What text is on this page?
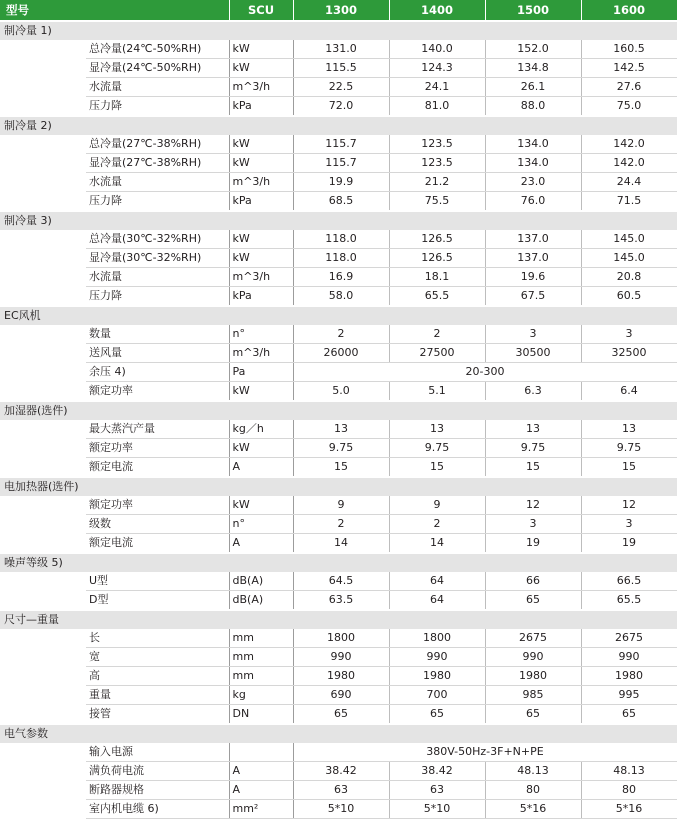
型号		SCU	1300	1400	1500	1600
制冷量 1)						
	总冷量(24℃-50%RH)	kW	131.0	140.0	152.0	160.5
	显冷量(24℃-50%RH)	kW	115.5	124.3	134.8	142.5
	水流量	m^3/h	22.5	24.1	26.1	27.6
	压力降	kPa	72.0	81.0	88.0	75.0
制冷量 2)						
	总冷量(27℃-38%RH)	kW	115.7	123.5	134.0	142.0
	显冷量(27℃-38%RH)	kW	115.7	123.5	134.0	142.0
	水流量	m^3/h	19.9	21.2	23.0	24.4
	压力降	kPa	68.5	75.5	76.0	71.5
制冷量 3)						
	总冷量(30℃-32%RH)	kW	118.0	126.5	137.0	145.0
	显冷量(30℃-32%RH)	kW	118.0	126.5	137.0	145.0
	水流量	m^3/h	16.9	18.1	19.6	20.8
	压力降	kPa	58.0	65.5	67.5	60.5
EC风机						
	数量	n°	2	2	3	3
	送风量	m^3/h	26000	27500	30500	32500
	余压 4)	Pa	20-300			
	额定功率	kW	5.0	5.1	6.3	6.4
加湿器(选件)						
	最大蒸汽产量	kg／h	13	13	13	13
	额定功率	kW	9.75	9.75	9.75	9.75
	额定电流	A	15	15	15	15
电加热器(选件)						
	额定功率	kW	9	9	12	12
	级数	n°	2	2	3	3
	额定电流	A	14	14	19	19
噪声等级 5)						
	U型	dB(A)	64.5	64	66	66.5
	D型	dB(A)	63.5	64	65	65.5
尺寸—重量						
	长	mm	1800	1800	2675	2675
	宽	mm	990	990	990	990
	高	mm	1980	1980	1980	1980
	重量	kg	690	700	985	995
	接管	DN	65	65	65	65
电气参数						
	输入电源		380V-50Hz-3F+N+PE			
	满负荷电流	A	38.42	38.42	48.13	48.13
	断路器规格	A	63	63	80	80
	室内机电缆 6)	mm²	5*10	5*10	5*16	5*16
